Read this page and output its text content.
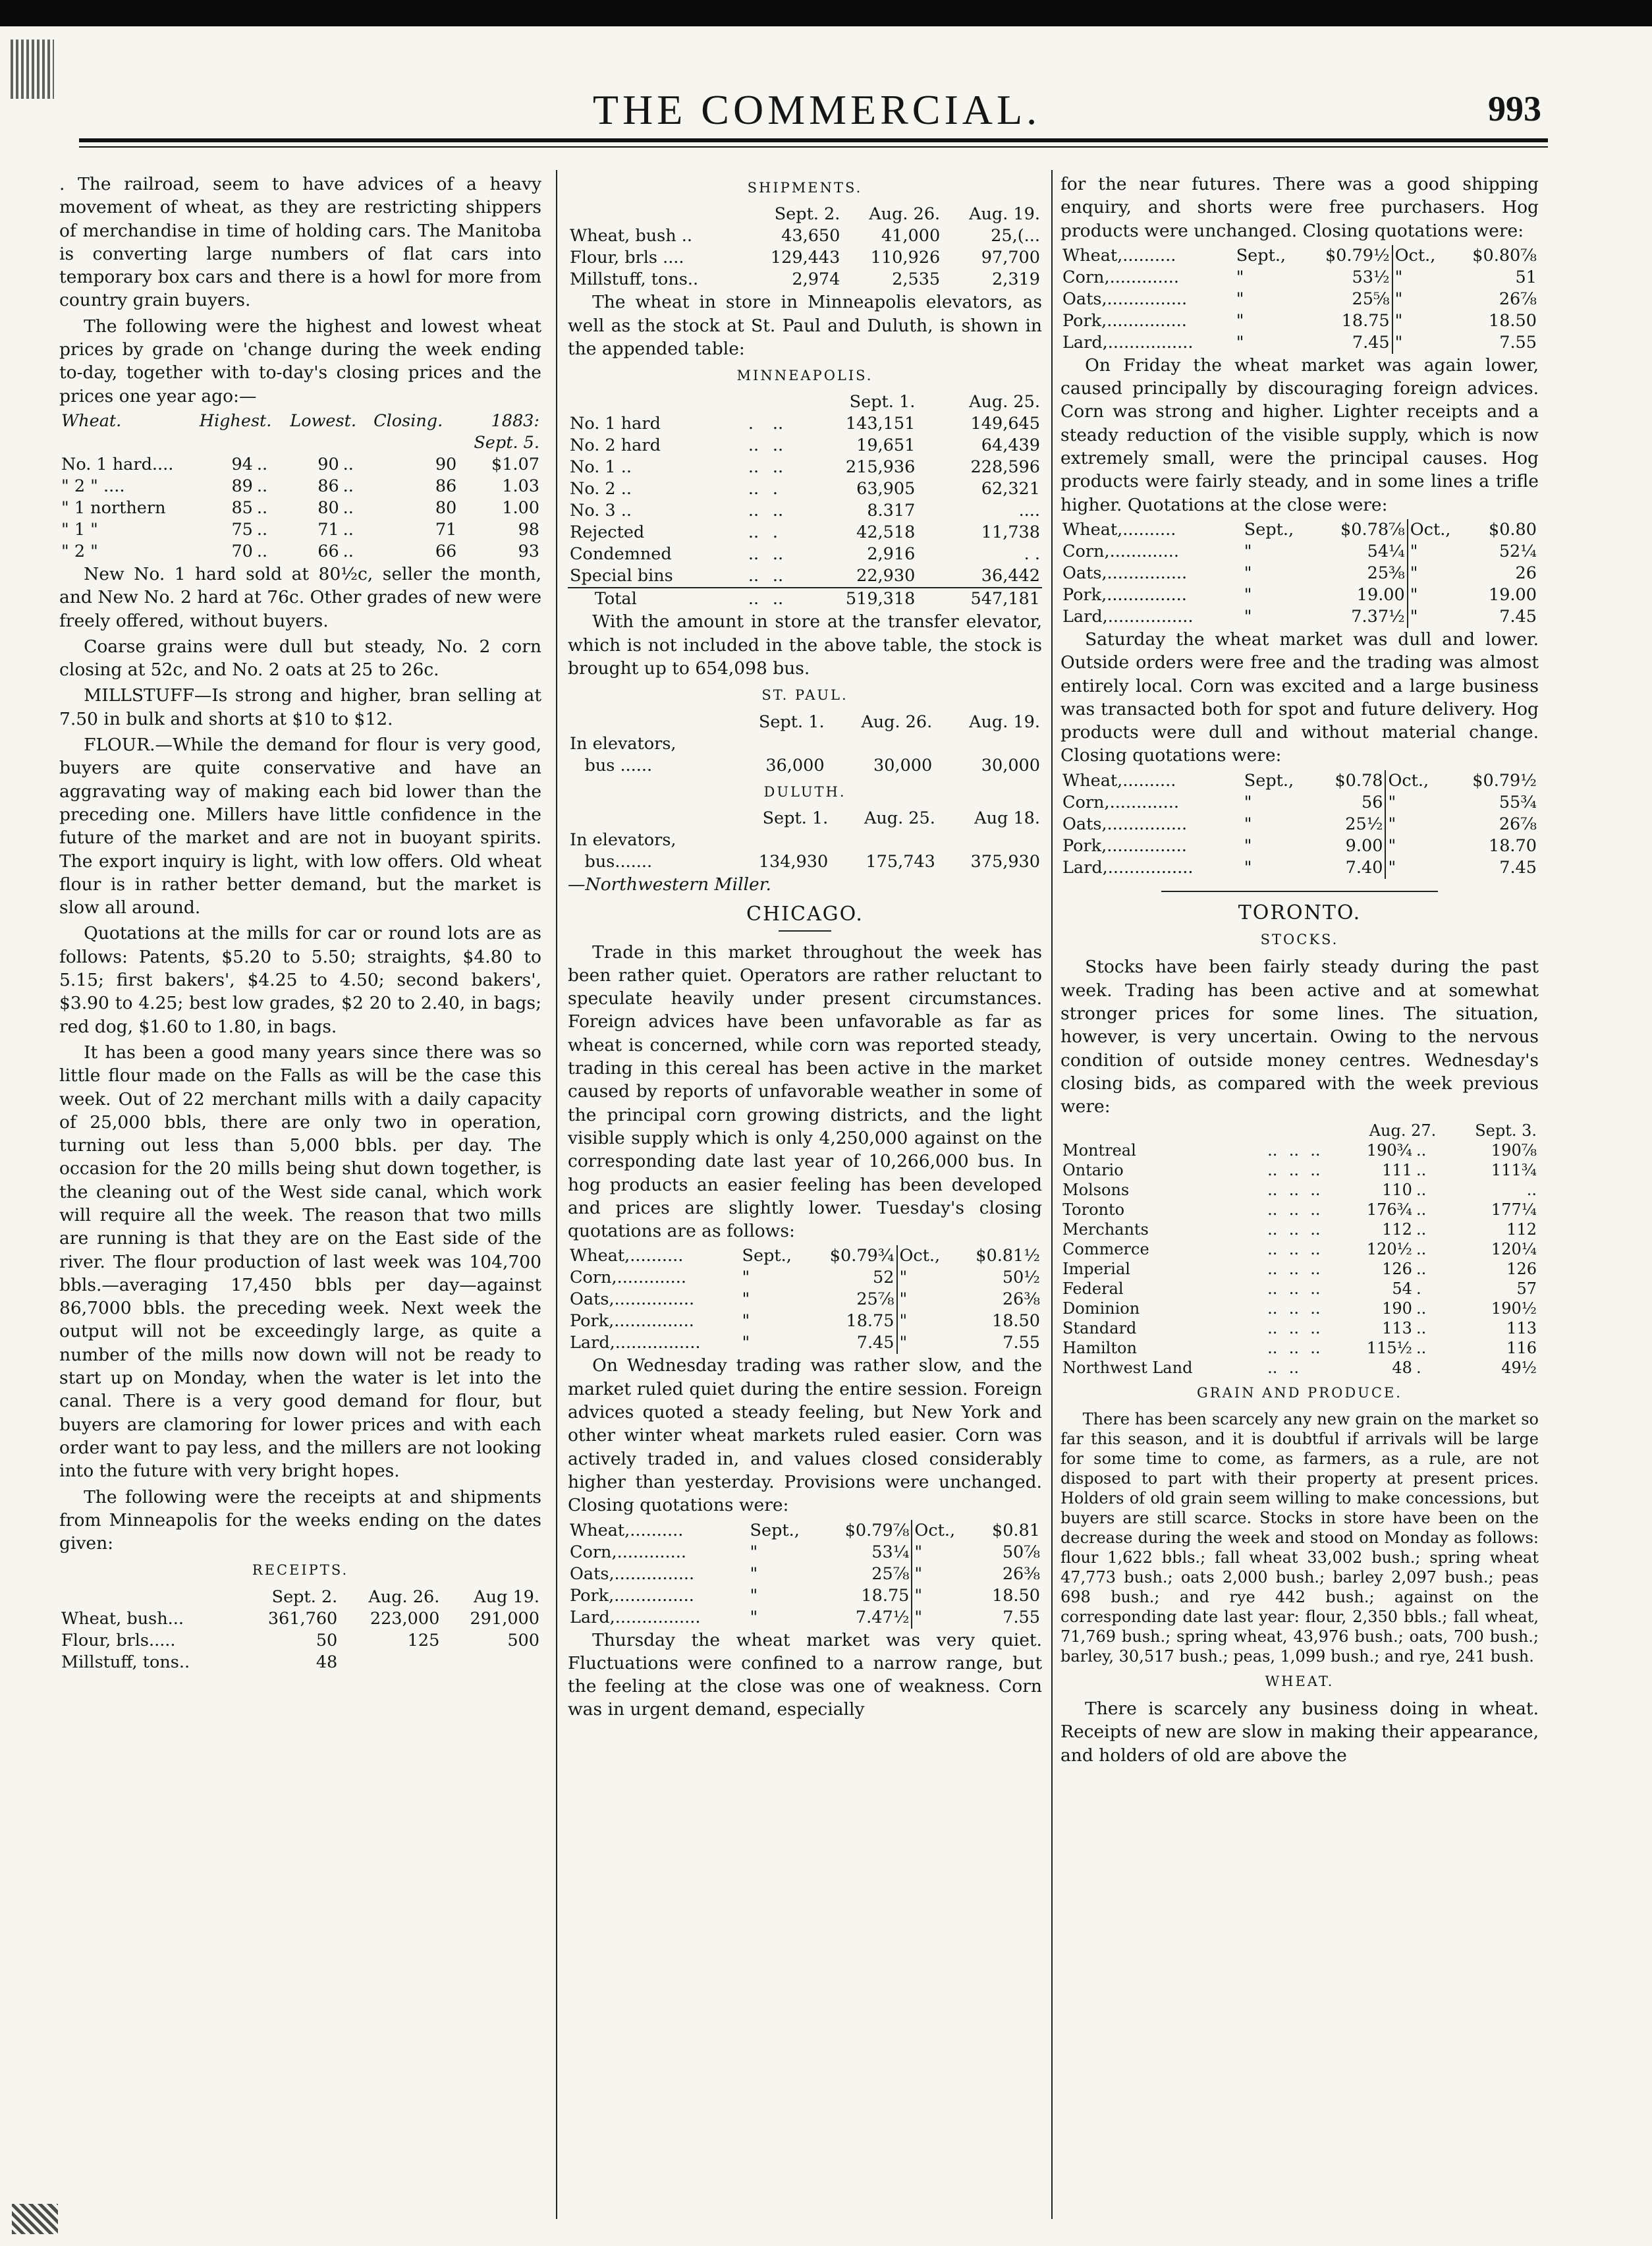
THE COMMERCIAL.	993

. The railroad, seem to have advices of a heavy movement of wheat, as they are restricting shippers of merchandise in time of holding cars. The Manitoba is converting large numbers of flat cars into temporary box cars and there is a howl for more from country grain buyers.

The following were the highest and lowest wheat prices by grade on 'change during the week ending to-day, together with to-day's closing prices and the prices one year ago:—

Wheat.	Highest.		Lowest.		Closing.	1883:
						Sept. 5.
No. 1 hard....	94	..	90	..	90	$1.07
" 2 " ....	89	..	86	..	86	1.03
" 1 northern	85	..	80	..	80	1.00
" 1 "	75	..	71	..	71	98
" 2 "	70	..	66	..	66	93

New No. 1 hard sold at 80½c, seller the month, and New No. 2 hard at 76c. Other grades of new were freely offered, without buyers.

Coarse grains were dull but steady, No. 2 corn closing at 52c, and No. 2 oats at 25 to 26c.

MILLSTUFF—Is strong and higher, bran selling at 7.50 in bulk and shorts at $10 to $12.

FLOUR.—While the demand for flour is very good, buyers are quite conservative and have an aggravating way of making each bid lower than the preceding one. Millers have little confidence in the future of the market and are not in buoyant spirits. The export inquiry is light, with low offers. Old wheat flour is in rather better demand, but the market is slow all around.

Quotations at the mills for car or round lots are as follows: Patents, $5.20 to 5.50; straights, $4.80 to 5.15; first bakers', $4.25 to 4.50; second bakers', $3.90 to 4.25; best low grades, $2 20 to 2.40, in bags; red dog, $1.60 to 1.80, in bags.

It has been a good many years since there was so little flour made on the Falls as will be the case this week. Out of 22 merchant mills with a daily capacity of 25,000 bbls, there are only two in operation, turning out less than 5,000 bbls. per day. The occasion for the 20 mills being shut down together, is the cleaning out of the West side canal, which work will require all the week. The reason that two mills are running is that they are on the East side of the river. The flour production of last week was 104,700 bbls.—averaging 17,450 bbls per day—against 86,7000 bbls. the preceding week. Next week the output will not be exceedingly large, as quite a number of the mills now down will not be ready to start up on Monday, when the water is let into the canal. There is a very good demand for flour, but buyers are clamoring for lower prices and with each order want to pay less, and the millers are not looking into the future with very bright hopes.

The following were the receipts at and shipments from Minneapolis for the weeks ending on the dates given:

RECEIPTS.
	Sept. 2.	Aug. 26.	Aug 19.
Wheat, bush...	361,760	223,000	291,000
Flour, brls.....	50	125	500
Millstuff, tons..	48		
SHIPMENTS.
	Sept. 2.	Aug. 26.	Aug. 19.
Wheat, bush ..	43,650	41,000	25,(...
Flour, brls ....	129,443	110,926	97,700
Millstuff, tons..	2,974	2,535	2,319

The wheat in store in Minneapolis elevators, as well as the stock at St. Paul and Duluth, is shown in the appended table:

MINNEAPOLIS.
			Sept. 1.	Aug. 25.
No. 1 hard	.	..	143,151	149,645
No. 2 hard	..	..	19,651	64,439
No. 1 ..	..	..	215,936	228,596
No. 2 ..	..	.	63,905	62,321
No. 3 ..	..	..	8.317	....
Rejected	..	.	42,518	11,738
Condemned	..	..	2,916	. .
Special bins	..	..	22,930	36,442
Total	..	..	519,318	547,181

With the amount in store at the transfer elevator, which is not included in the above table, the stock is brought up to 654,098 bus.

ST. PAUL.
	Sept. 1.	Aug. 26.	Aug. 19.
In elevators,			
bus ......	36,000	30,000	30,000
DULUTH.
	Sept. 1.	Aug. 25.	Aug 18.
In elevators,			
bus.......	134,930	175,743	375,930

—Northwestern Miller.

CHICAGO.

Trade in this market throughout the week has been rather quiet. Operators are rather reluctant to speculate heavily under present circumstances. Foreign advices have been unfavorable as far as wheat is concerned, while corn was reported steady, trading in this cereal has been active in the market caused by reports of unfavorable weather in some of the principal corn growing districts, and the light visible supply which is only 4,250,000 against on the corresponding date last year of 10,266,000 bus. In hog products an easier feeling has been developed and prices are slightly lower. Tuesday's closing quotations are as follows:

Wheat,..........	Sept.,	$0.79¾	Oct.,	$0.81½
Corn,.............	"	52	"	50½
Oats,...............	"	25⅞	"	26⅜
Pork,...............	"	18.75	"	18.50
Lard,................	"	7.45	"	7.55

On Wednesday trading was rather slow, and the market ruled quiet during the entire session. Foreign advices quoted a steady feeling, but New York and other winter wheat markets ruled easier. Corn was actively traded in, and values closed considerably higher than yesterday. Provisions were unchanged. Closing quotations were:

Wheat,..........	Sept.,	$0.79⅞	Oct.,	$0.81
Corn,.............	"	53¼	"	50⅞
Oats,...............	"	25⅞	"	26⅜
Pork,...............	"	18.75	"	18.50
Lard,................	"	7.47½	"	7.55

Thursday the wheat market was very quiet. Fluctuations were confined to a narrow range, but the feeling at the close was one of weakness. Corn was in urgent demand, especially

for the near futures. There was a good shipping enquiry, and shorts were free purchasers. Hog products were unchanged. Closing quotations were:

Wheat,..........	Sept.,	$0.79½	Oct.,	$0.80⅞
Corn,.............	"	53½	"	51
Oats,...............	"	25⅝	"	26⅞
Pork,...............	"	18.75	"	18.50
Lard,................	"	7.45	"	7.55

On Friday the wheat market was again lower, caused principally by discouraging foreign advices. Corn was strong and higher. Lighter receipts and a steady reduction of the visible supply, which is now extremely small, were the principal causes. Hog products were fairly steady, and in some lines a trifle higher. Quotations at the close were:

Wheat,..........	Sept.,	$0.78⅞	Oct.,	$0.80
Corn,.............	"	54¼	"	52¼
Oats,...............	"	25⅜	"	26
Pork,...............	"	19.00	"	19.00
Lard,................	"	7.37½	"	7.45

Saturday the wheat market was dull and lower. Outside orders were free and the trading was almost entirely local. Corn was excited and a large business was transacted both for spot and future delivery. Hog products were dull and without material change. Closing quotations were:

Wheat,..........	Sept.,	$0.78	Oct.,	$0.79½
Corn,.............	"	56	"	55¾
Oats,...............	"	25½	"	26⅞
Pork,...............	"	9.00	"	18.70
Lard,................	"	7.40	"	7.45
TORONTO.
STOCKS.

Stocks have been fairly steady during the past week. Trading has been active and at somewhat stronger prices for some lines. The situation, however, is very uncertain. Owing to the nervous condition of outside money centres. Wednesday's closing bids, as compared with the week previous were:

				Aug. 27.		Sept. 3.
Montreal	..	..	..	190¾	..	190⅞
Ontario	..	..	..	111	..	111¾
Molsons	..	..	..	110	..	..
Toronto	..	..	..	176¾	..	177¼
Merchants	..	..	..	112	..	112
Commerce	..	..	..	120½	..	120¼
Imperial	..	..	..	126	..	126
Federal	..	..	..	54	.	57
Dominion	..	..	..	190	..	190½
Standard	..	..	..	113	..	113
Hamilton	..	..	..	115½	..	116
Northwest Land	..	..		48	.	49½
GRAIN AND PRODUCE.

There has been scarcely any new grain on the market so far this season, and it is doubtful if arrivals will be large for some time to come, as farmers, as a rule, are not disposed to part with their property at present prices. Holders of old grain seem willing to make concessions, but buyers are still scarce. Stocks in store have been on the decrease during the week and stood on Monday as follows: flour 1,622 bbls.; fall wheat 33,002 bush.; spring wheat 47,773 bush.; oats 2,000 bush.; barley 2,097 bush.; peas 698 bush.; and rye 442 bush.; against on the corresponding date last year: flour, 2,350 bbls.; fall wheat, 71,769 bush.; spring wheat, 43,976 bush.; oats, 700 bush.; barley, 30,517 bush.; peas, 1,099 bush.; and rye, 241 bush.

WHEAT.

There is scarcely any business doing in wheat. Receipts of new are slow in making their appearance, and holders of old are above the
